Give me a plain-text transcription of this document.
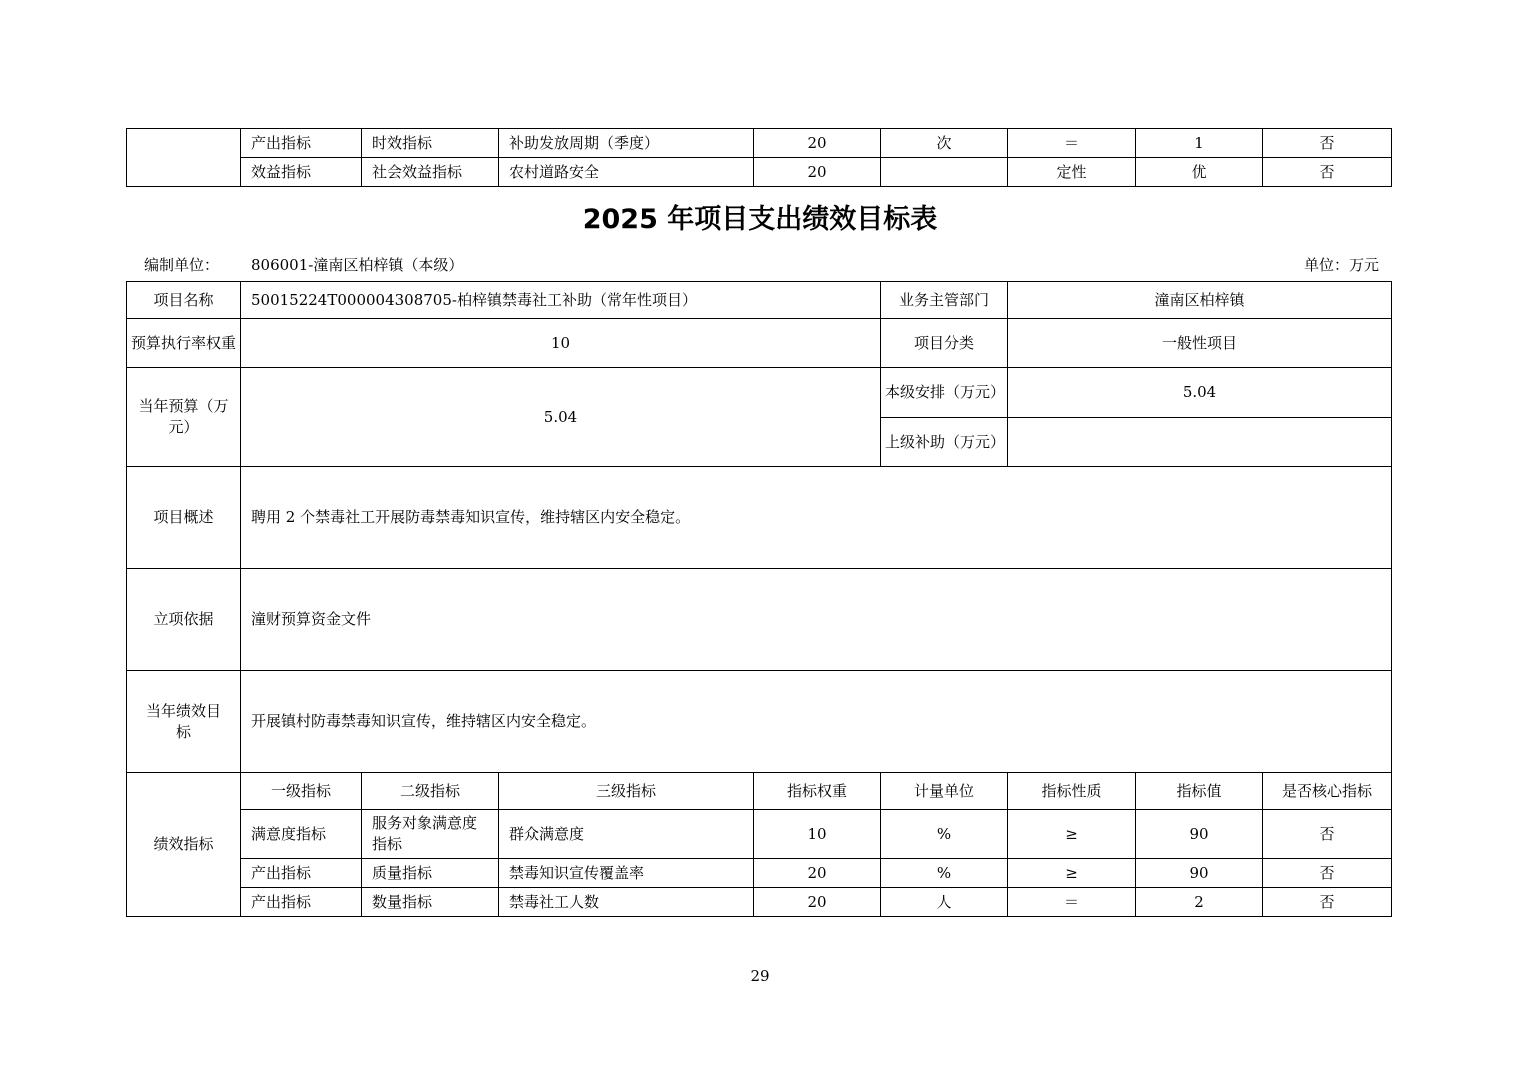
	产出指标	时效指标	补助发放周期（季度）	20	次	＝	1	否
	效益指标	社会效益指标	农村道路安全	20		定性	优	否
2025 年项目支出绩效目标表
编制单位： 806001-潼南区柏梓镇（本级）	单位：万元
项目名称	50015224T000004308705-柏梓镇禁毒社工补助（常年性项目）				业务主管部门	潼南区柏梓镇		
预算执行率权重	10				项目分类	一般性项目		
当年预算（万元）	5.04				本级安排（万元）	5.04		
					上级补助（万元）			
项目概述	聘用 2 个禁毒社工开展防毒禁毒知识宣传，维持辖区内安全稳定。							
立项依据	潼财预算资金文件							
当年绩效目标	开展镇村防毒禁毒知识宣传，维持辖区内安全稳定。							
绩效指标	一级指标	二级指标	三级指标	指标权重	计量单位	指标性质	指标值	是否核心指标
	满意度指标	服务对象满意度指标	群众满意度	10	%	≥	90	否
	产出指标	质量指标	禁毒知识宣传覆盖率	20	%	≥	90	否
	产出指标	数量指标	禁毒社工人数	20	人	＝	2	否
29
